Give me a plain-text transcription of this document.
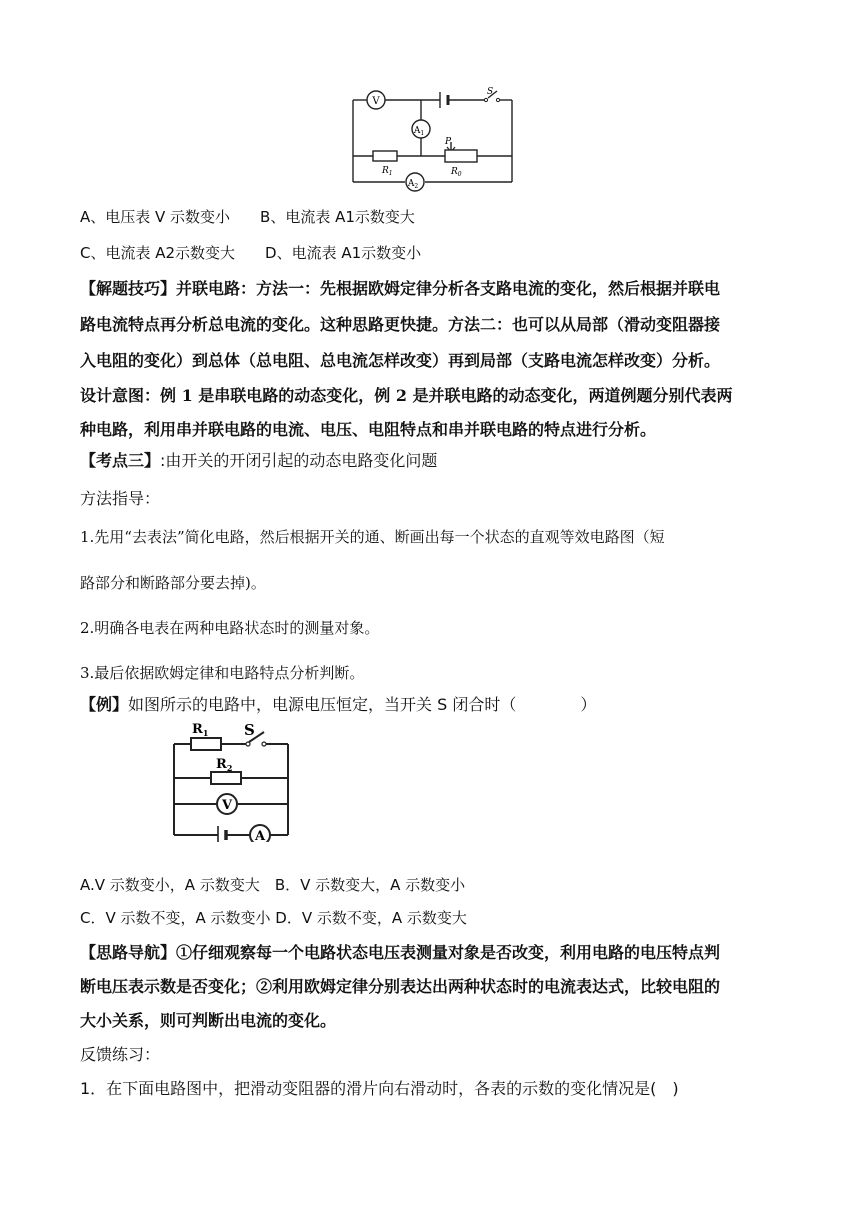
V
$A_1$
$A_2$
S
P
$R_1$	$R_0$
A、电压表 V 示数变小　　B、电流表 A1示数变大
C、电流表 A2示数变大　　D、电流表 A1示数变小
【解题技巧】并联电路：方法一：先根据欧姆定律分析各支路电流的变化，然后根据并联电
路电流特点再分析总电流的变化。这种思路更快捷。方法二：也可以从局部（滑动变阻器接
入电阻的变化）到总体（总电阻、总电流怎样改变）再到局部（支路电流怎样改变）分析。
设计意图：例 1 是串联电路的动态变化，例 2 是并联电路的动态变化，两道例题分别代表两
种电路，利用串并联电路的电流、电压、电阻特点和串并联电路的特点进行分析。
【考点三】:由开关的开闭引起的动态电路变化问题
方法指导：
1.先用“去表法”简化电路，然后根据开关的通、断画出每一个状态的直观等效电路图（短
路部分和断路部分要去掉)。
2.明确各电表在两种电路状态时的测量对象。
3.最后依据欧姆定律和电路特点分析判断。
【例】如图所示的电路中，电源电压恒定，当开关 S 闭合时（　　　　）
$R_1$ S
$R_2$
V
A
A.V 示数变小，A 示数变大　B．V 示数变大，A 示数变小
C．V 示数不变，A 示数变小 D．V 示数不变，A 示数变大
【思路导航】①仔细观察每一个电路状态电压表测量对象是否改变，利用电路的电压特点判
断电压表示数是否变化；②利用欧姆定律分别表达出两种状态时的电流表达式，比较电阻的
大小关系，则可判断出电流的变化。
反馈练习：
1．在下面电路图中，把滑动变阻器的滑片向右滑动时，各表的示数的变化情况是(　)
